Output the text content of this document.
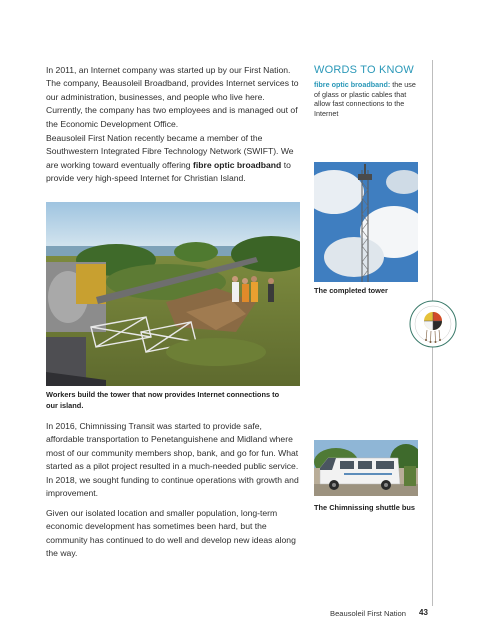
In 2011, an Internet company was started up by our First Nation. The company, Beausoleil Broadband, provides Internet services to our administration, businesses, and people who live here. Currently, the company has two employees and is managed out of the Economic Development Office.

Beausoleil First Nation recently became a member of the Southwestern Integrated Fibre Technology Network (SWIFT). We are working toward eventually offering fibre optic broadband to provide very high-speed Internet for Christian Island.

Workers build the tower that now provides Internet connections to our island.

In 2016, Chimnissing Transit was started to provide safe, affordable transportation to Penetanguishene and Midland where most of our community members shop, bank, and go for fun. What started as a pilot project resulted in a much-needed public service. In 2018, we sought funding to continue operations with growth and improvement.

Given our isolated location and smaller population, long-term economic development has sometimes been hard, but the community has continued to do well and develop new ideas along the way.

WORDS TO KNOW
fibre optic broadband: the use of glass or plastic cables that allow fast connections to the Internet

The completed tower

The Chimnissing shuttle bus

Beausoleil First Nation 43
